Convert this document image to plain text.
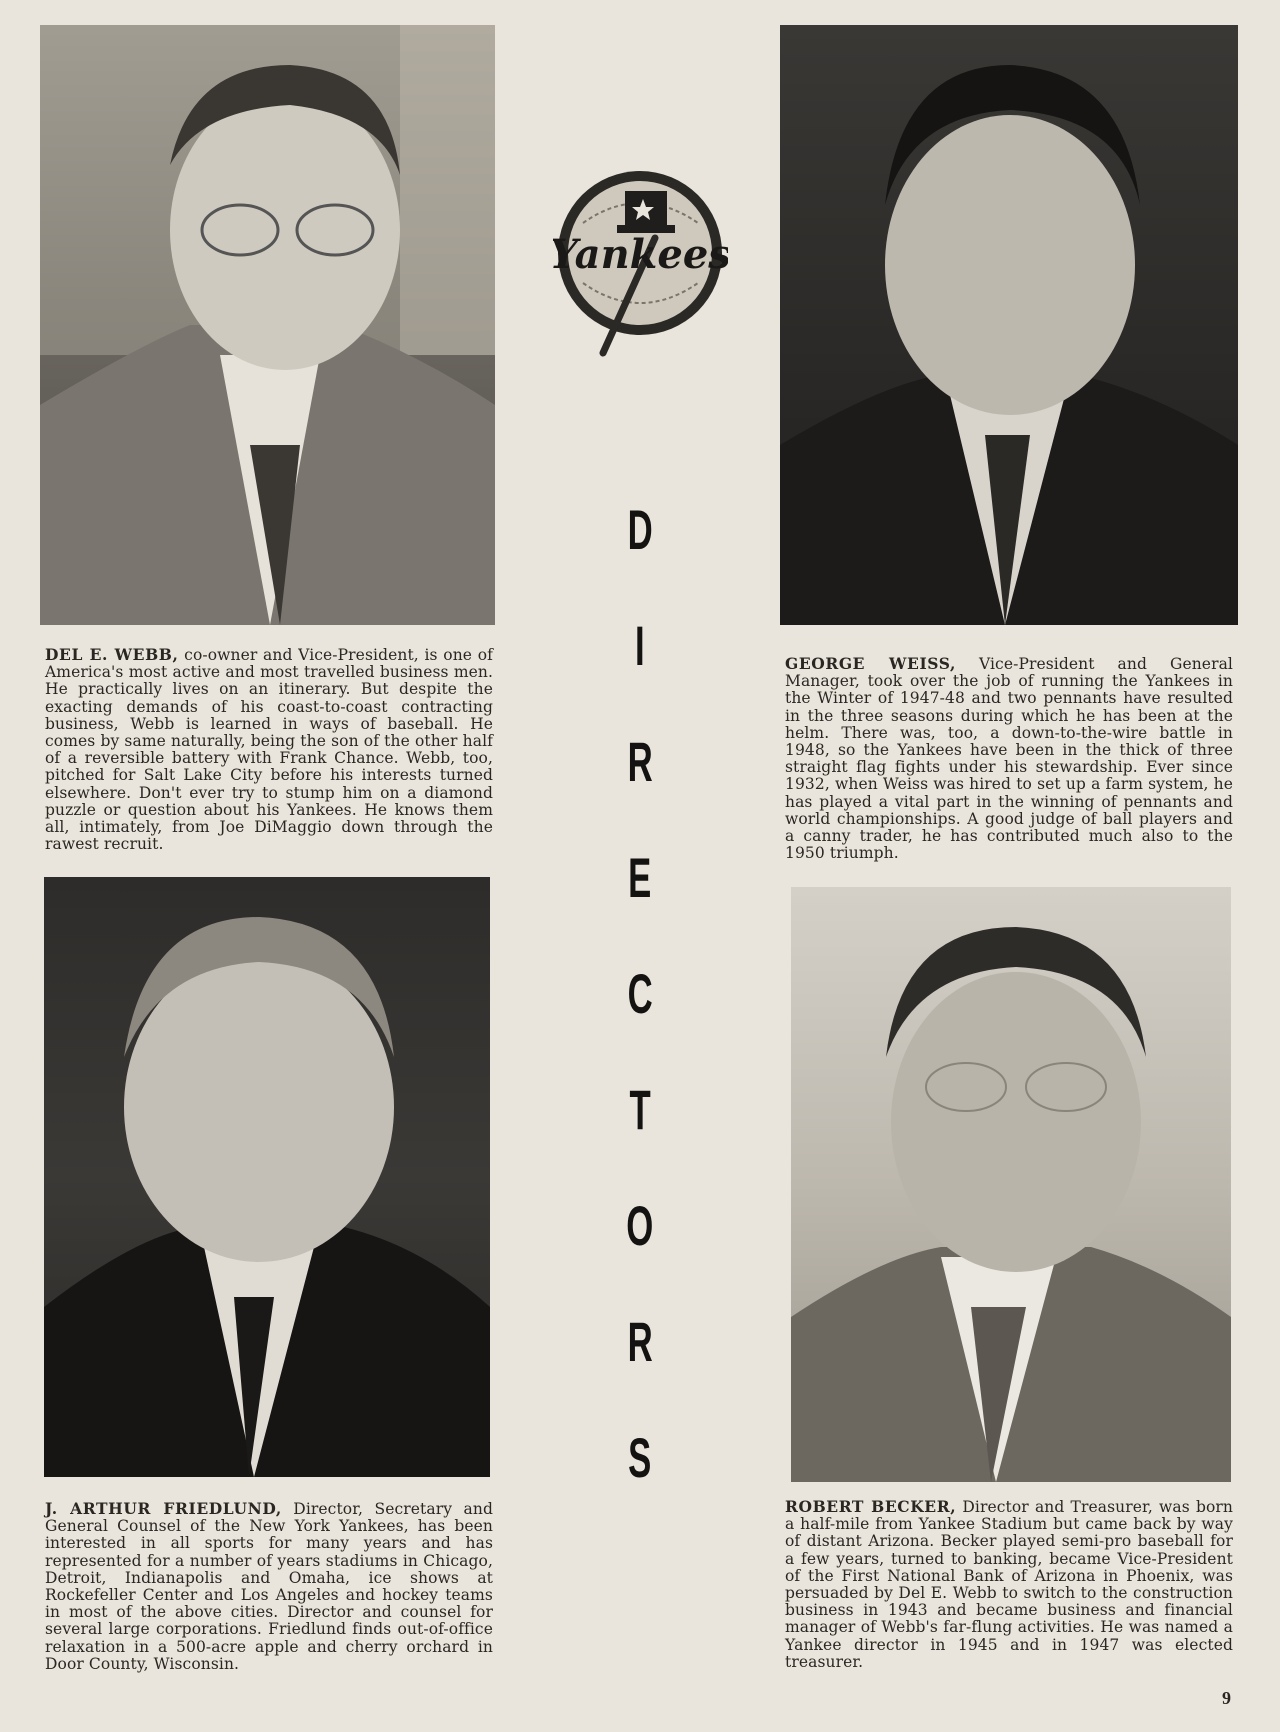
Yankees
D
I
R
E
C
T
O
R
S
DEL E. WEBB, co-owner and Vice-President, is one of America's most active and most travelled business men. He practically lives on an itinerary. But despite the exacting demands of his coast-to-coast contracting business, Webb is learned in ways of baseball. He comes by same naturally, being the son of the other half of a reversible battery with Frank Chance. Webb, too, pitched for Salt Lake City before his interests turned elsewhere. Don't ever try to stump him on a diamond puzzle or question about his Yankees. He knows them all, intimately, from Joe DiMaggio down through the rawest recruit.
GEORGE WEISS, Vice-President and General Manager, took over the job of running the Yankees in the Winter of 1947-48 and two pennants have resulted in the three seasons during which he has been at the helm. There was, too, a down-to-the-wire battle in 1948, so the Yankees have been in the thick of three straight flag fights under his stewardship. Ever since 1932, when Weiss was hired to set up a farm system, he has played a vital part in the winning of pennants and world championships. A good judge of ball players and a canny trader, he has contributed much also to the 1950 triumph.
J. ARTHUR FRIEDLUND, Director, Secretary and General Counsel of the New York Yankees, has been interested in all sports for many years and has represented for a number of years stadiums in Chicago, Detroit, Indianapolis and Omaha, ice shows at Rockefeller Center and Los Angeles and hockey teams in most of the above cities. Director and counsel for several large corporations. Friedlund finds out-of-office relaxation in a 500-acre apple and cherry orchard in Door County, Wisconsin.
ROBERT BECKER, Director and Treasurer, was born a half-mile from Yankee Stadium but came back by way of distant Arizona. Becker played semi-pro baseball for a few years, turned to banking, became Vice-President of the First National Bank of Arizona in Phoenix, was persuaded by Del E. Webb to switch to the construction business in 1943 and became business and financial manager of Webb's far-flung activities. He was named a Yankee director in 1945 and in 1947 was elected treasurer.
9
